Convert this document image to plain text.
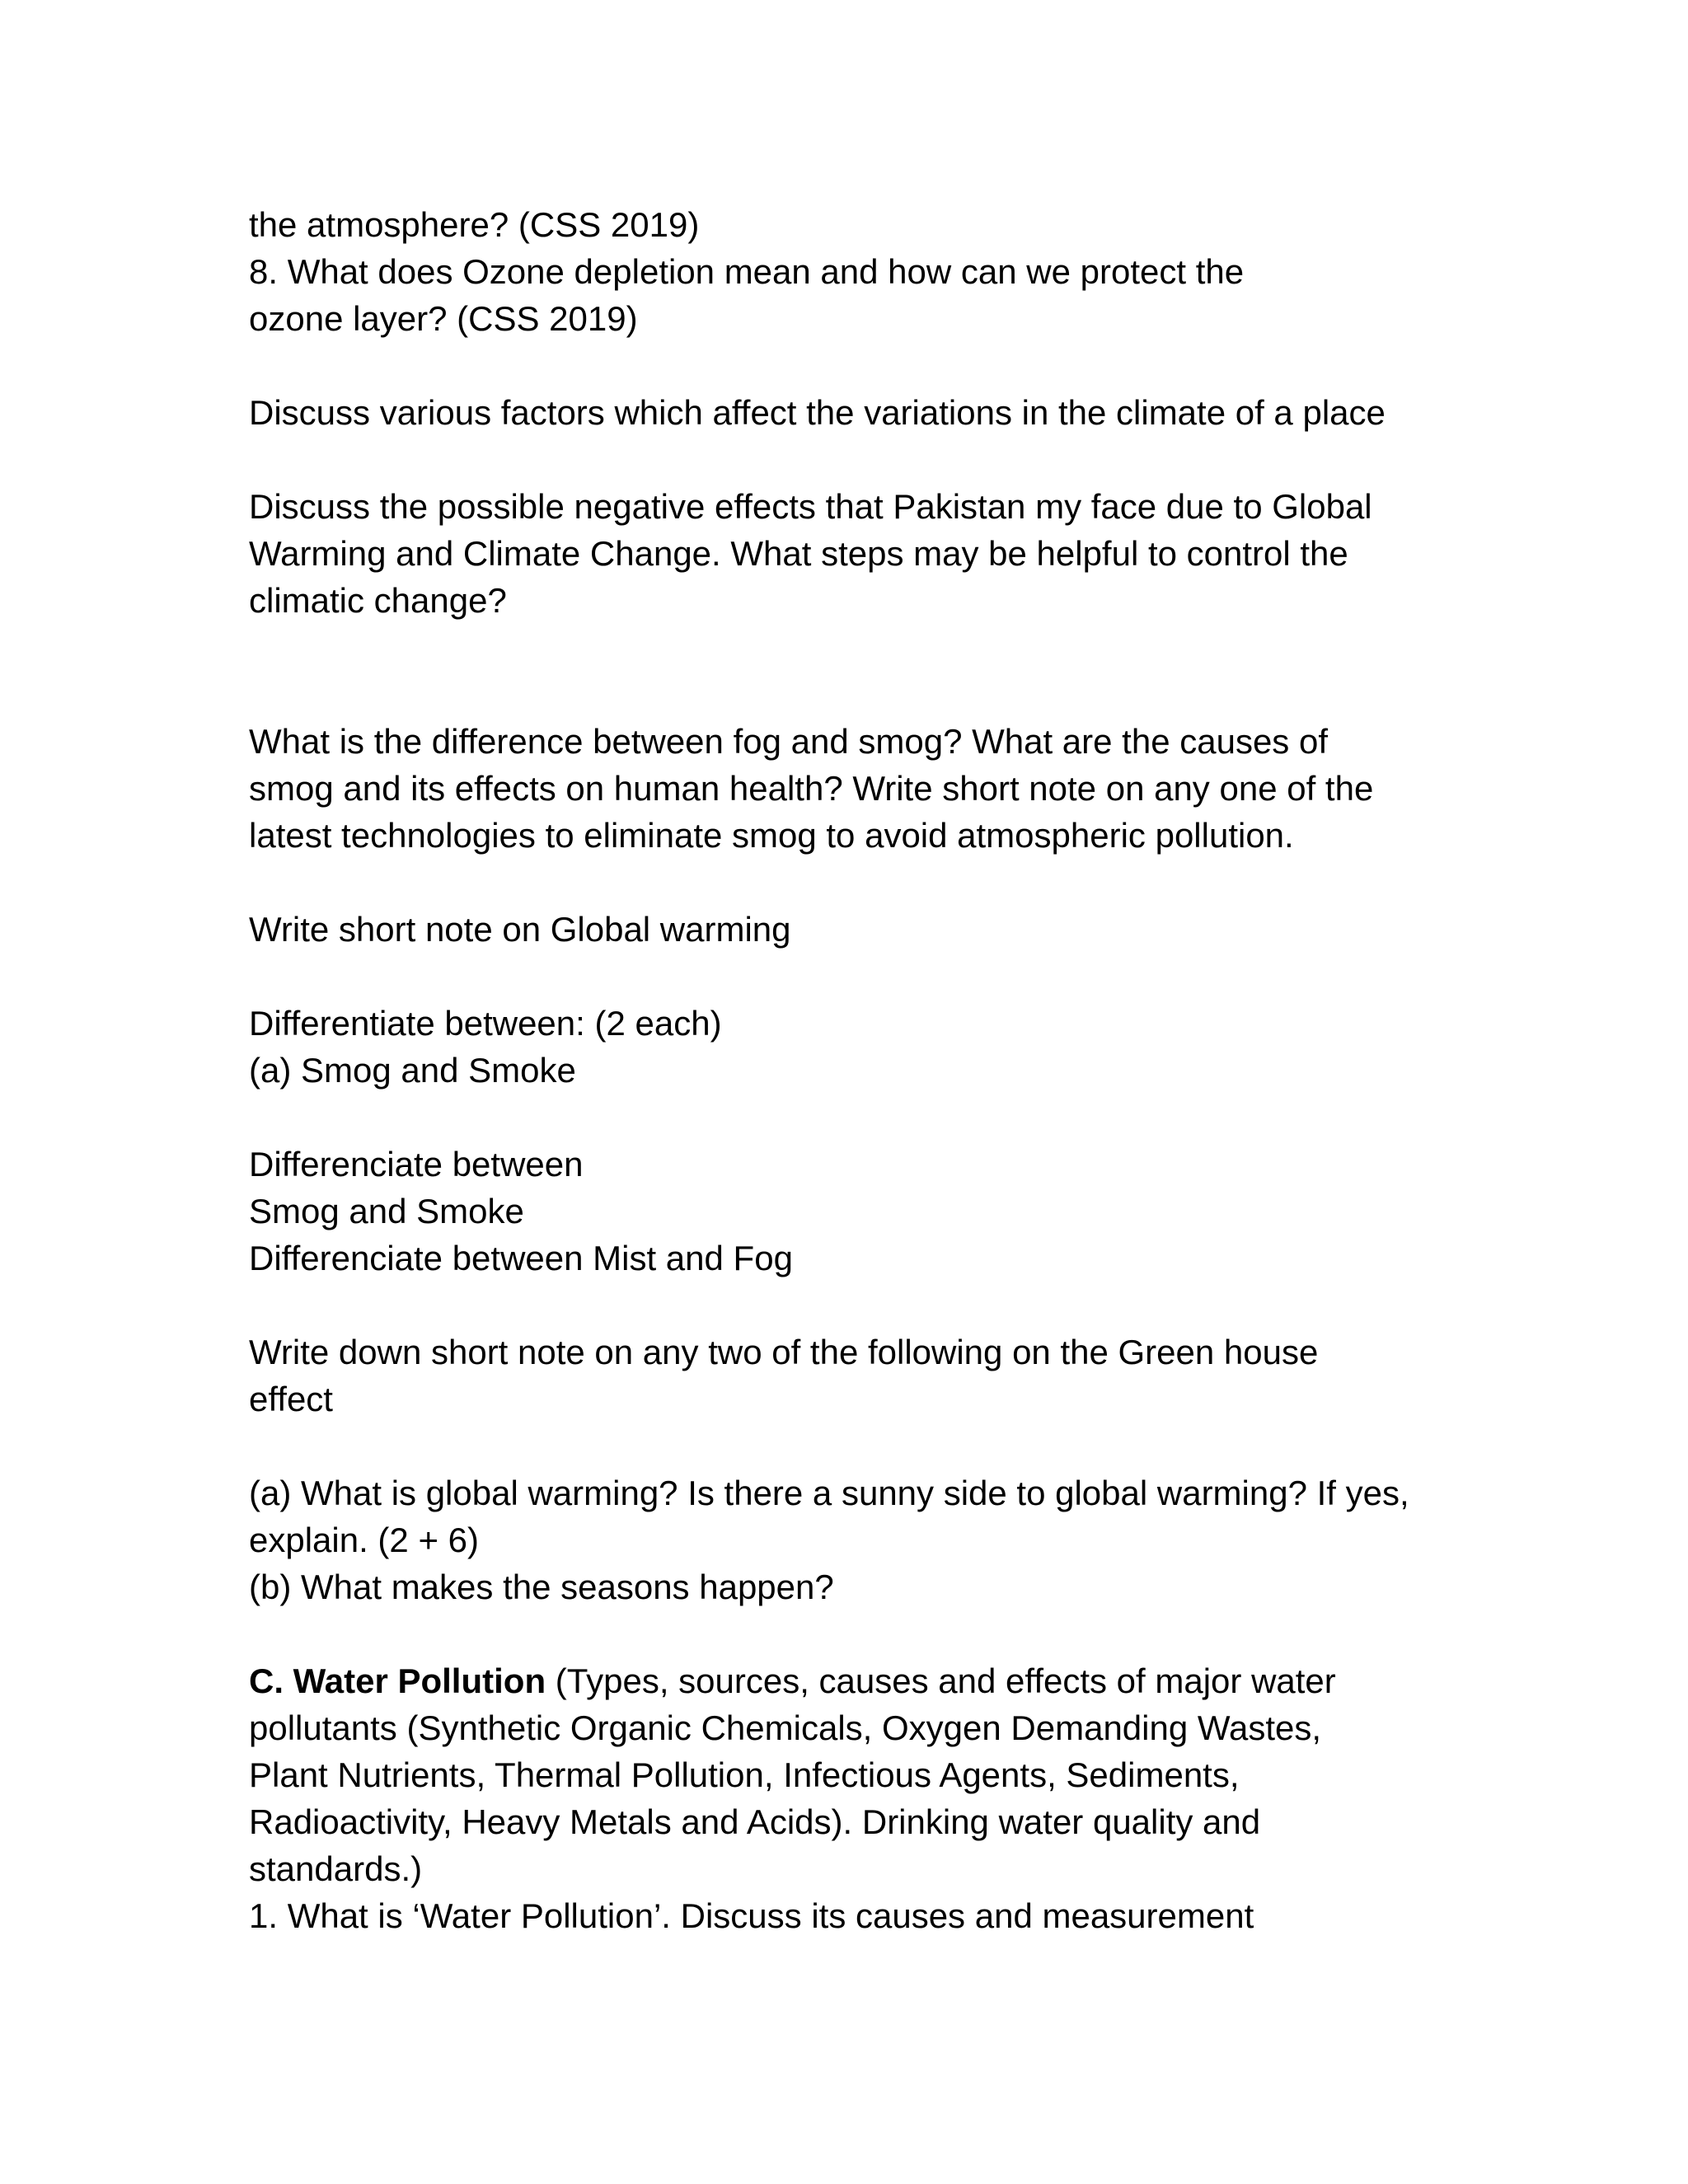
the atmosphere? (CSS 2019)
8. What does Ozone depletion mean and how can we protect the
ozone layer? (CSS 2019)
Discuss various factors which affect the variations in the climate of a place
Discuss the possible negative effects that Pakistan my face due to Global
Warming and Climate Change. What steps may be helpful to control the
climatic change?
What is the difference between fog and smog? What are the causes of
smog and its effects on human health? Write short note on any one of the
latest technologies to eliminate smog to avoid atmospheric pollution.
Write short note on Global warming
Differentiate between: (2 each)
(a) Smog and Smoke
Differenciate between
Smog and Smoke
Differenciate between Mist and Fog
Write down short note on any two of the following on the Green house
effect
(a) What is global warming? Is there a sunny side to global warming? If yes,
explain. (2 + 6)
(b) What makes the seasons happen?
C. Water Pollution (Types, sources, causes and effects of major water
pollutants (Synthetic Organic Chemicals, Oxygen Demanding Wastes,
Plant Nutrients, Thermal Pollution, Infectious Agents, Sediments,
Radioactivity, Heavy Metals and Acids). Drinking water quality and
standards.)
1. What is ‘Water Pollution’. Discuss its causes and measurement
